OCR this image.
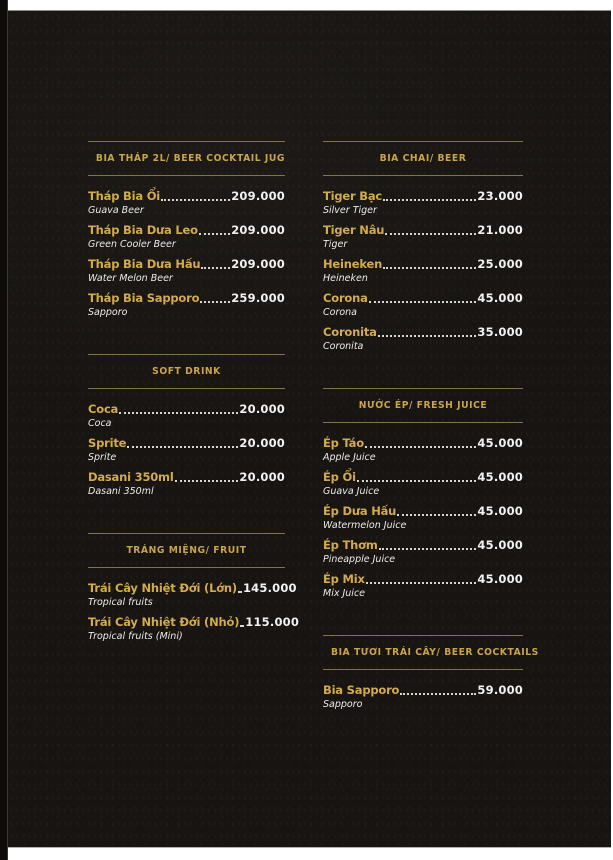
BIA THÁP 2L/ BEER COCKTAIL JUG
Tháp Bia Ổi	209.000
Guava Beer
Tháp Bia Dưa Leo	209.000
Green Cooler Beer
Tháp Bia Dưa Hấu	209.000
Water Melon Beer
Tháp Bia Sapporo	259.000
Sapporo
SOFT DRINK
Coca	20.000
Coca
Sprite	20.000
Sprite
Dasani 350ml	20.000
Dasani 350ml
TRÁNG MIỆNG/ FRUIT
Trái Cây Nhiệt Đới (Lớn) 145.000
Tropical fruits
Trái Cây Nhiệt Đới (Nhỏ) 115.000
Tropical fruits (Mini)
BIA CHAI/ BEER
Tiger Bạc	23.000
Silver Tiger
Tiger Nâu	21.000
Tiger
Heineken	25.000
Heineken
Corona	45.000
Corona
Coronita	35.000
Coronita
NƯỚC ÉP/ FRESH JUICE
Ép Táo	45.000
Apple Juice
Ép Ổi	45.000
Guava Juice
Ép Dưa Hấu	45.000
Watermelon Juice
Ép Thơm	45.000
Pineapple Juice
Ép Mix	45.000
Mix Juice
BIA TƯƠI TRÁI CÂY/ BEER COCKTAILS
Bia Sapporo	59.000
Sapporo
